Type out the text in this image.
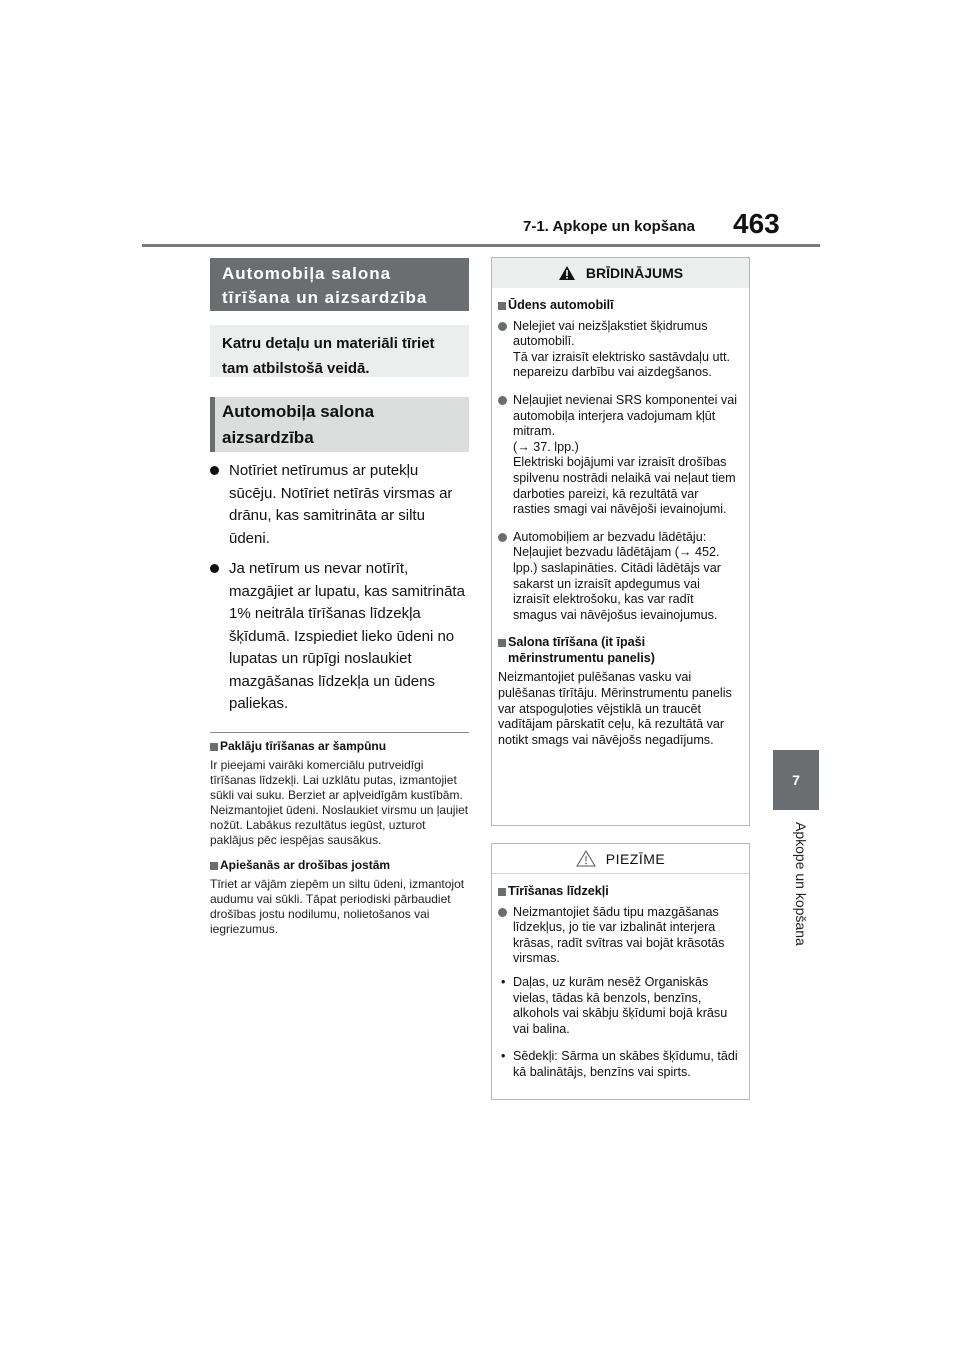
7-1. Apkope un kopšana 463
7
Apkope un kopšana
Automobiļa salona tīrīšana un aizsardzība
Katru detaļu un materiāli tīriet tam atbilstošā veidā.
Automobiļa salona aizsardzība
Notīriet netīrumus ar putekļu sūcēju. Notīriet netīrās virsmas ar drānu, kas samitrināta ar siltu ūdeni.
Ja netīrum us nevar notīrīt, mazgājiet ar lupatu, kas samitrināta 1% neitrāla tīrīšanas līdzekļa šķīdumā. Izspiediet lieko ūdeni no lupatas un rūpīgi noslaukiet mazgāšanas līdzekļa un ūdens paliekas.
Paklāju tīrīšanas ar šampūnu
Ir pieejami vairāki komerciālu putrveidīgi tīrīšanas līdzekļi. Lai uzklātu putas, izmantojiet sūkli vai suku. Berziet ar apļveidīgām kustībām. Neizmantojiet ūdeni. Noslaukiet virsmu un ļaujiet nožūt. Labākus rezultātus iegūst, uzturot paklājus pēc iespējas sausākus.
Apiešanās ar drošības jostām
Tīriet ar vājām ziepēm un siltu ūdeni, izmantojot audumu vai sūkli. Tāpat periodiski pārbaudiet drošības jostu nodilumu, nolietošanos vai iegriezumus.
BRĪDINĀJUMS
Ūdens automobilī
Nelejiet vai neizšļakstiet šķidrumus automobilī.
Tā var izraisīt elektrisko sastāvdaļu utt. nepareizu darbību vai aizdegšanos.
Neļaujiet nevienai SRS komponentei vai automobiļa interjera vadojumam kļūt mitram.
(→ 37. lpp.)
Elektriski bojājumi var izraisīt drošības spilvenu nostrādi nelaikā vai neļaut tiem darboties pareizi, kā rezultātā var rasties smagi vai nāvējoši ievainojumi.
Automobiļiem ar bezvadu lādētāju: Neļaujiet bezvadu lādētājam (→ 452. lpp.) saslapināties. Citādi lādētājs var sakarst un izraisīt apdegumus vai izraisīt elektrošoku, kas var radīt smagus vai nāvējošus ievainojumus.
Salona tīrīšana (it īpaši mērinstrumentu panelis)
Neizmantojiet pulēšanas vasku vai pulēšanas tīrītāju. Mērinstrumentu panelis var atspoguļoties vējstiklā un traucēt vadītājam pārskatīt ceļu, kā rezultātā var notikt smags vai nāvējošs negadījums.
PIEZĪME
Tīrīšanas līdzekļi
Neizmantojiet šādu tipu mazgāšanas līdzekļus, jo tie var izbalināt interjera krāsas, radīt svītras vai bojāt krāsotās virsmas.
• Daļas, uz kurām nesēž Organiskās vielas, tādas kā benzols, benzīns, alkohols vai skābju šķīdumi bojā krāsu vai balina.
• Sēdekļi: Sārma un skābes šķīdumu, tādi kā balinātājs, benzīns vai spirts.
